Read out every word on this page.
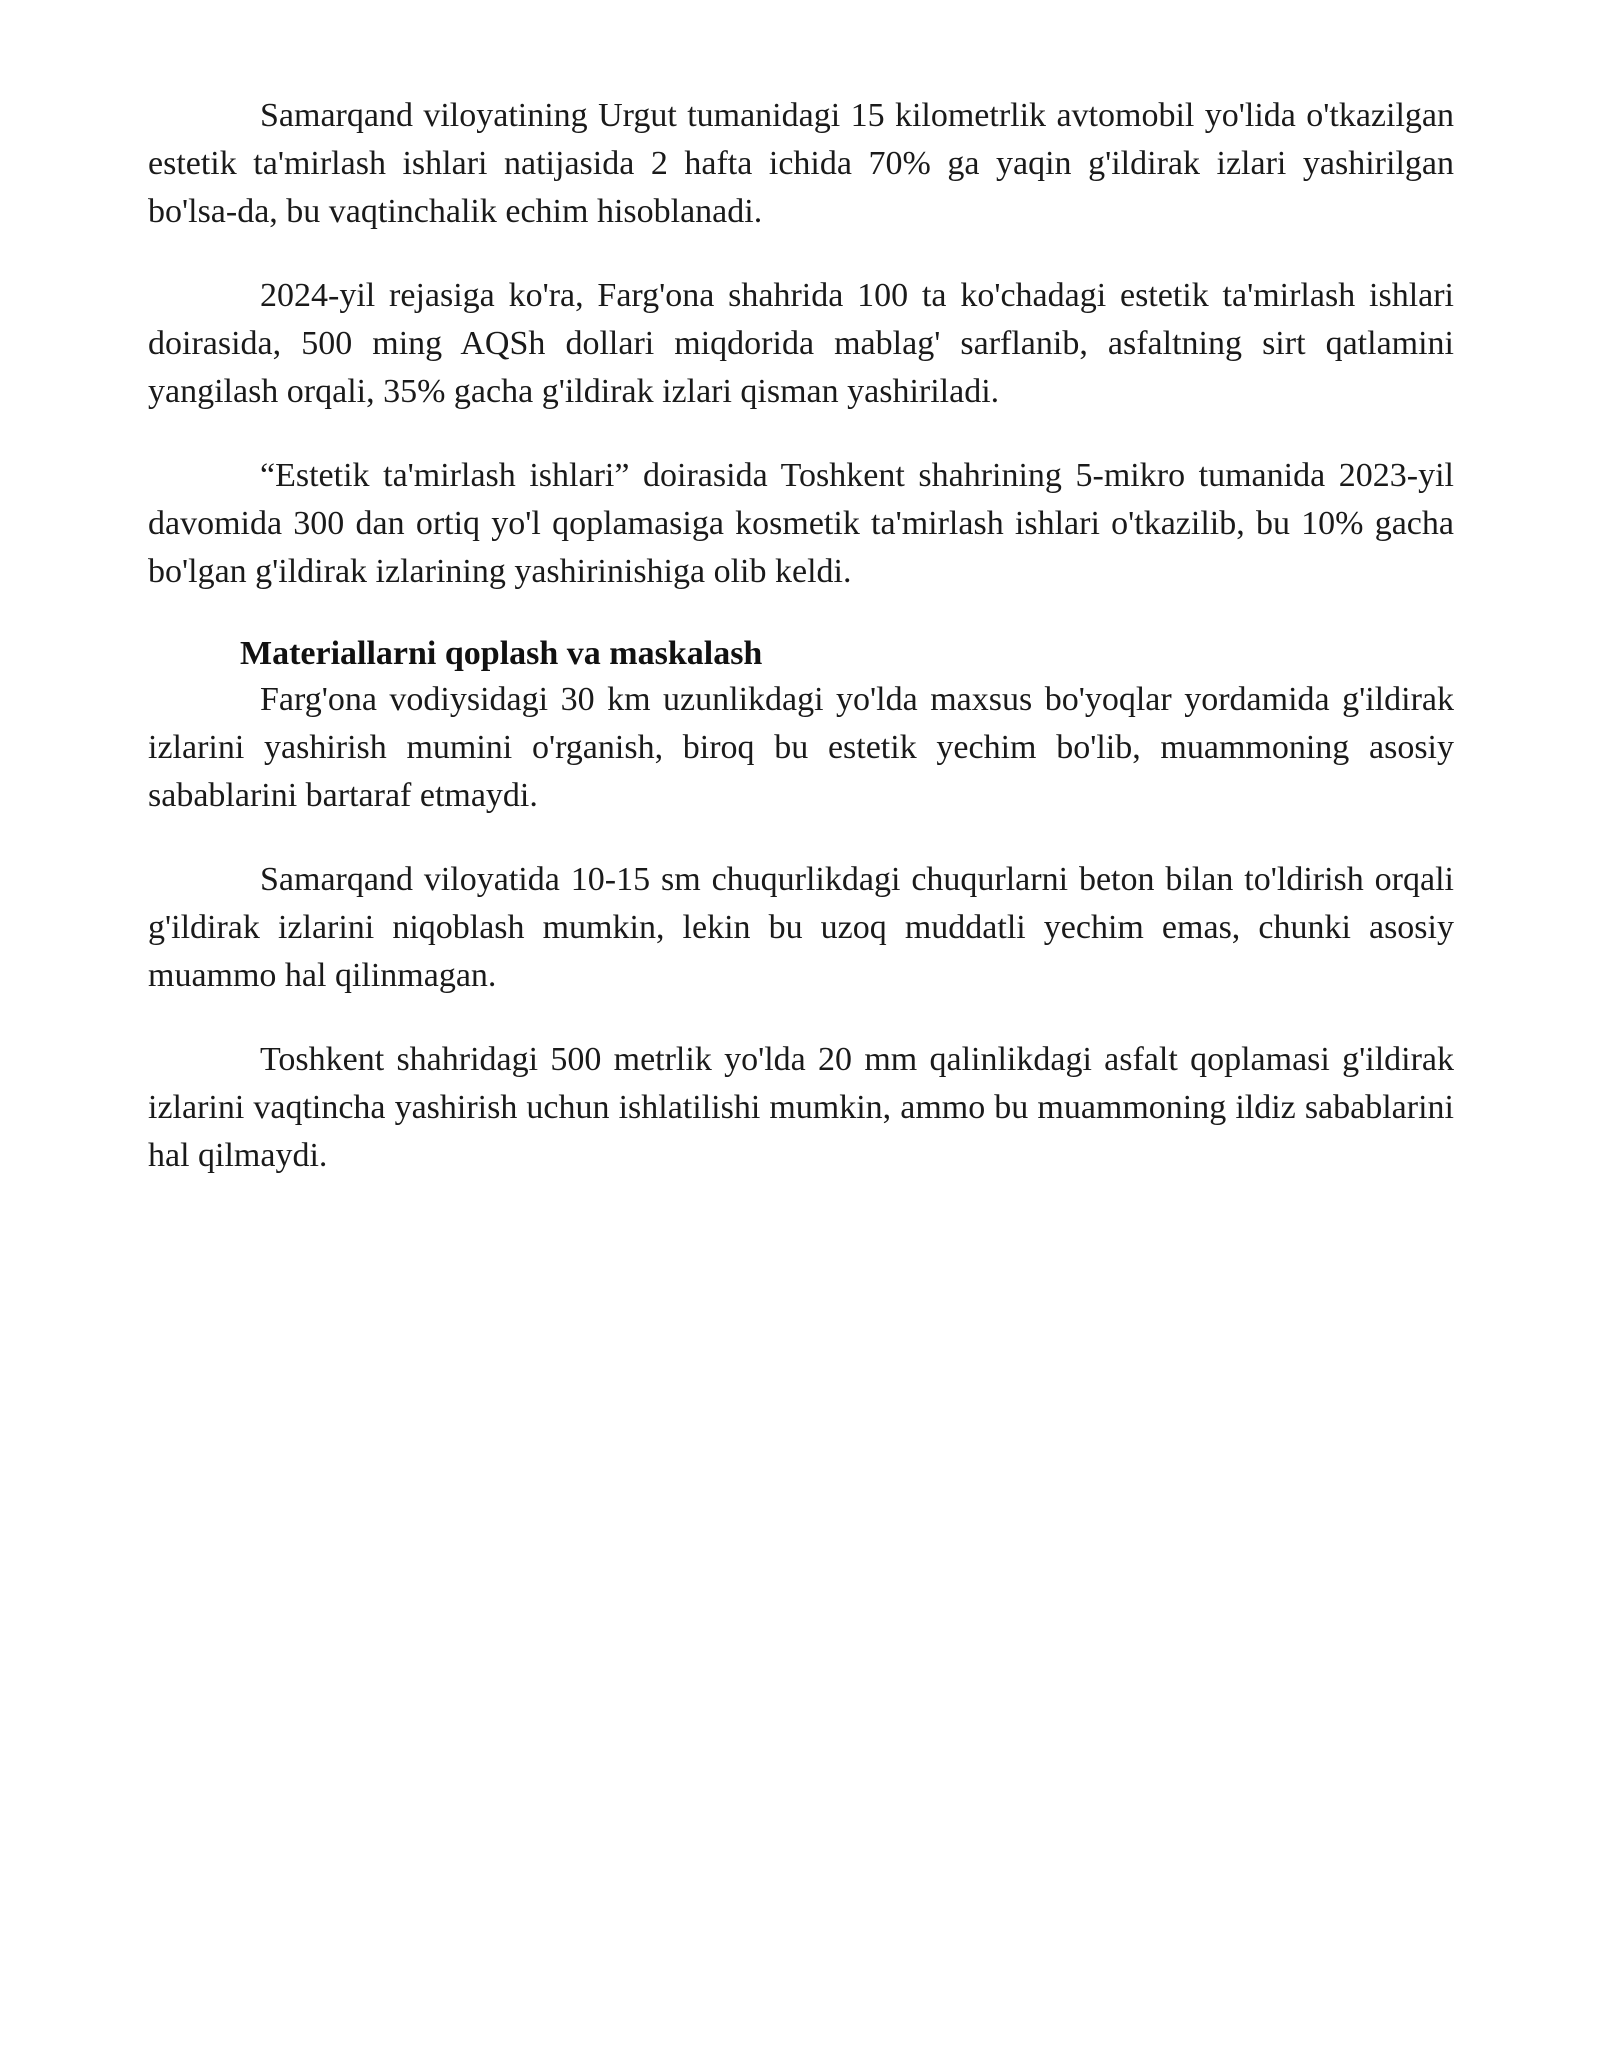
Samarqand viloyatining Urgut tumanidagi 15 kilometrlik avtomobil yo'lida o'tkazilgan estetik ta'mirlash ishlari natijasida 2 hafta ichida 70% ga yaqin g'ildirak izlari yashirilgan bo'lsa-da, bu vaqtinchalik echim hisoblanadi.

2024-yil rejasiga ko'ra, Farg'ona shahrida 100 ta ko'chadagi estetik ta'mirlash ishlari doirasida, 500 ming AQSh dollari miqdorida mablag' sarflanib, asfaltning sirt qatlamini yangilash orqali, 35% gacha g'ildirak izlari qisman yashiriladi.

“Estetik ta'mirlash ishlari” doirasida Toshkent shahrining 5-mikro tumanida 2023-yil davomida 300 dan ortiq yo'l qoplamasiga kosmetik ta'mirlash ishlari o'tkazilib, bu 10% gacha bo'lgan g'ildirak izlarining yashirinishiga olib keldi.

Materiallarni qoplash va maskalash

Farg'ona vodiysidagi 30 km uzunlikdagi yo'lda maxsus bo'yoqlar yordamida g'ildirak izlarini yashirish mumini o'rganish, biroq bu estetik yechim bo'lib, muammoning asosiy sabablarini bartaraf etmaydi.

Samarqand viloyatida 10-15 sm chuqurlikdagi chuqurlarni beton bilan to'ldirish orqali g'ildirak izlarini niqoblash mumkin, lekin bu uzoq muddatli yechim emas, chunki asosiy muammo hal qilinmagan.

Toshkent shahridagi 500 metrlik yo'lda 20 mm qalinlikdagi asfalt qoplamasi g'ildirak izlarini vaqtincha yashirish uchun ishlatilishi mumkin, ammo bu muammoning ildiz sabablarini hal qilmaydi.
